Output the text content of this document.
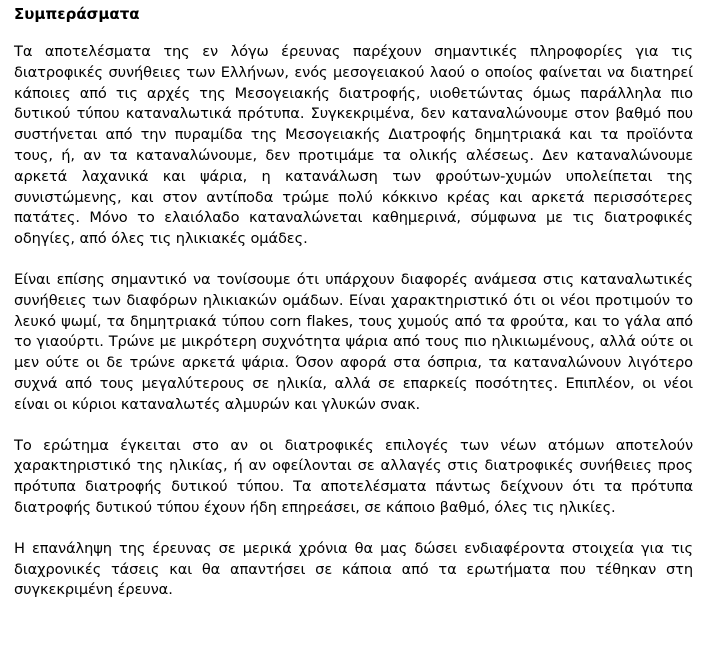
Συμπεράσματα

Τα αποτελέσματα της εν λόγω έρευνας παρέχουν σημαντικές πληροφορίες για τις διατροφικές συνήθειες των Ελλήνων, ενός μεσογειακού λαού ο οποίος φαίνεται να διατηρεί κάποιες από τις αρχές της Μεσογειακής διατροφής, υιοθετώντας όμως παράλληλα πιο δυτικού τύπου καταναλωτικά πρότυπα. Συγκεκριμένα, δεν καταναλώνουμε στον βαθμό που συστήνεται από την πυραμίδα της Μεσογειακής Διατροφής δημητριακά και τα προϊόντα τους, ή, αν τα καταναλώνουμε, δεν προτιμάμε τα ολικής αλέσεως. Δεν καταναλώνουμε αρκετά λαχανικά και ψάρια, η κατανάλωση των φρούτων-χυμών υπολείπεται της συνιστώμενης, και στον αντίποδα τρώμε πολύ κόκκινο κρέας και αρκετά περισσότερες πατάτες. Μόνο το ελαιόλαδο καταναλώνεται καθημερινά, σύμφωνα με τις διατροφικές οδηγίες, από όλες τις ηλικιακές ομάδες.

Είναι επίσης σημαντικό να τονίσουμε ότι υπάρχουν διαφορές ανάμεσα στις καταναλωτικές συνήθειες των διαφόρων ηλικιακών ομάδων. Είναι χαρακτηριστικό ότι οι νέοι προτιμούν το λευκό ψωμί, τα δημητριακά τύπου corn flakes, τους χυμούς από τα φρούτα, και το γάλα από το γιαούρτι. Τρώνε με μικρότερη συχνότητα ψάρια από τους πιο ηλικιωμένους, αλλά ούτε οι μεν ούτε οι δε τρώνε αρκετά ψάρια. Όσον αφορά στα όσπρια, τα καταναλώνουν λιγότερο συχνά από τους μεγαλύτερους σε ηλικία, αλλά σε επαρκείς ποσότητες. Επιπλέον, οι νέοι είναι οι κύριοι καταναλωτές αλμυρών και γλυκών σνακ.

Το ερώτημα έγκειται στο αν οι διατροφικές επιλογές των νέων ατόμων αποτελούν χαρακτηριστικό της ηλικίας, ή αν οφείλονται σε αλλαγές στις διατροφικές συνήθειες προς πρότυπα διατροφής δυτικού τύπου. Τα αποτελέσματα πάντως δείχνουν ότι τα πρότυπα διατροφής δυτικού τύπου έχουν ήδη επηρεάσει, σε κάποιο βαθμό, όλες τις ηλικίες.

Η επανάληψη της έρευνας σε μερικά χρόνια θα μας δώσει ενδιαφέροντα στοιχεία για τις διαχρονικές τάσεις και θα απαντήσει σε κάποια από τα ερωτήματα που τέθηκαν στη συγκεκριμένη έρευνα.
